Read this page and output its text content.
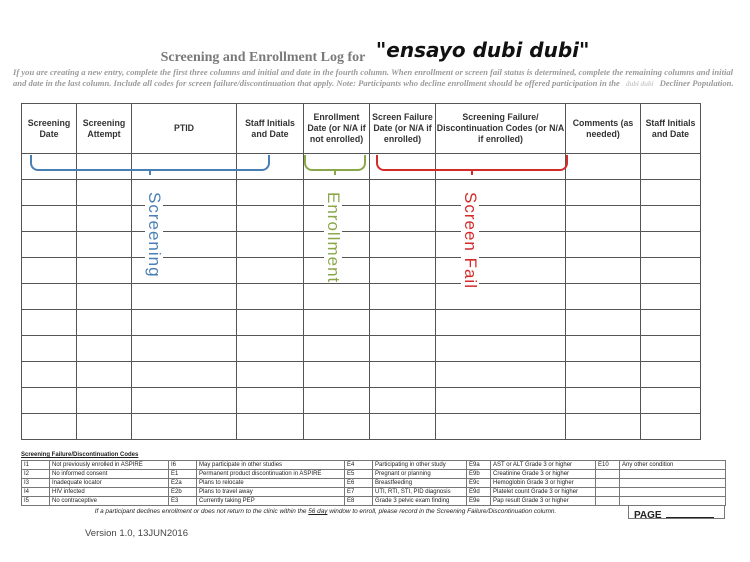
Screening and Enrollment Log for "ensayo dubi dubi"
If you are creating a new entry, complete the first three columns and initial and date in the fourth column. When enrollment or screen fail status is determined, complete the remaining columns and initial and date in the last column. Include all codes for screen failure/discontinuation that apply. Note: Participants who decline enrollment should be offered participation in the dubi dubi Decliner Population.
Screening Date	Screening Attempt	PTID	Staff Initials and Date	Enrollment Date (or N/A if not enrolled)	Screen Failure Date (or N/A if enrolled)	Screening Failure/ Discontinuation Codes (or N/A if enrolled)	Comments (as needed)	Staff Initials and Date

Screening	Enrollment	Screen Fail
Screening Failure/Discontinuation Codes
I1	Not previously enrolled in ASPIRE	I6	May participate in other studies	E4	Participating in other study	E9a	AST or ALT Grade 3 or higher	E10	Any other condition
I2	No informed consent	E1	Permanent product discontinuation in ASPIRE	E5	Pregnant or planning	E9b	Creatinine Grade 3 or higher		
I3	Inadequate locator	E2a	Plans to relocate	E6	Breastfeeding	E9c	Hemoglobin Grade 3 or higher		
I4	HIV infected	E2b	Plans to travel away	E7	UTI, RTI, STI, PID diagnosis	E9d	Platelet count Grade 3 or higher		
I5	No contraceptive	E3	Currently taking PEP	E8	Grade 3 pelvic exam finding	E9e	Pap result Grade 3 or higher		
If a participant declines enrollment or does not return to the clinic within the 56 day window to enroll, please record in the Screening Failure/Discontinuation column.	PAGE
Version 1.0, 13JUN2016
